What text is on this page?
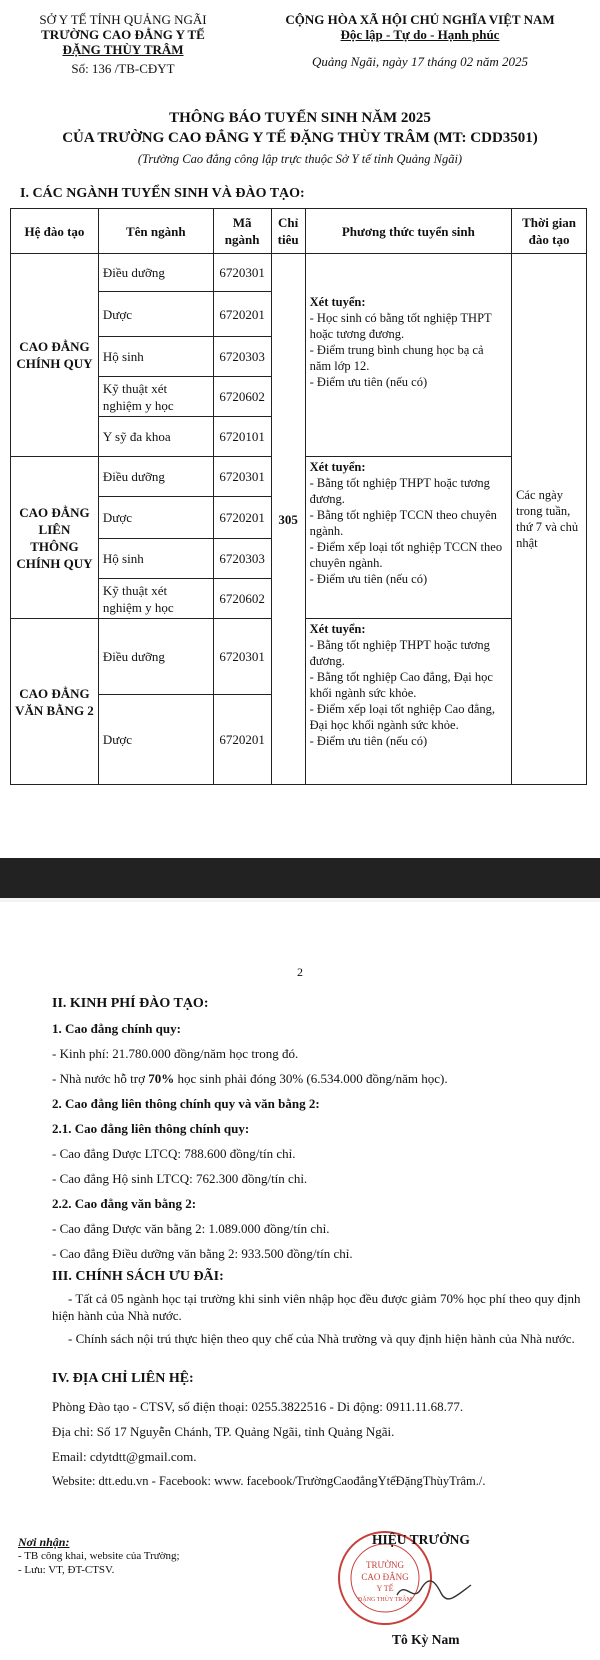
SỞ Y TẾ TỈNH QUẢNG NGÃI
TRƯỜNG CAO ĐẲNG Y TẾ
ĐẶNG THÙY TRÂM
Số: 136 /TB-CĐYT
CỘNG HÒA XÃ HỘI CHỦ NGHĨA VIỆT NAM
Độc lập - Tự do - Hạnh phúc
Quảng Ngãi, ngày 17 tháng 02 năm 2025
THÔNG BÁO TUYỂN SINH NĂM 2025
CỦA TRƯỜNG CAO ĐẲNG Y TẾ ĐẶNG THÙY TRÂM (MT: CDD3501)
(Trường Cao đẳng công lập trực thuộc Sở Y tế tỉnh Quảng Ngãi)
I. CÁC NGÀNH TUYỂN SINH VÀ ĐÀO TẠO:
Hệ đào tạo	Tên ngành	Mã ngành	Chỉ tiêu	Phương thức tuyển sinh	Thời gian đào tạo
CAO ĐẲNG CHÍNH QUY	Điều dưỡng	6720301	305	Xét tuyển:
- Học sinh có bằng tốt nghiệp THPT hoặc tương đương.
- Điểm trung bình chung học bạ cả năm lớp 12.
- Điểm ưu tiên (nếu có)	Các ngày trong tuần, thứ 7 và chủ nhật
	Dược	6720201			
	Hộ sinh	6720303			
	Kỹ thuật xét nghiệm y học	6720602			
	Y sỹ đa khoa	6720101			
CAO ĐẲNG LIÊN THÔNG CHÍNH QUY	Điều dưỡng	6720301		Xét tuyển:
- Bằng tốt nghiệp THPT hoặc tương đương.
- Bằng tốt nghiệp TCCN theo chuyên ngành.
- Điểm xếp loại tốt nghiệp TCCN theo chuyên ngành.
- Điểm ưu tiên (nếu có)	

	Dược	6720201			
	Hộ sinh	6720303			
	Kỹ thuật xét nghiệm y học	6720602			
CAO ĐẲNG VĂN BẰNG 2	Điều dưỡng	6720301		Xét tuyển:
- Bằng tốt nghiệp THPT hoặc tương đương.
- Bằng tốt nghiệp Cao đẳng, Đại học khối ngành sức khỏe.
- Điểm xếp loại tốt nghiệp Cao đẳng, Đại học khối ngành sức khỏe.
- Điểm ưu tiên (nếu có)	

	Dược	6720201			
2
II. KINH PHÍ ĐÀO TẠO:
1. Cao đẳng chính quy:
- Kinh phí: 21.780.000 đồng/năm học trong đó.
- Nhà nước hỗ trợ 70% học sinh phải đóng 30% (6.534.000 đồng/năm học).
2. Cao đẳng liên thông chính quy và văn bằng 2:
2.1. Cao đẳng liên thông chính quy:
- Cao đẳng Dược LTCQ: 788.600 đồng/tín chỉ.
- Cao đẳng Hộ sinh LTCQ: 762.300 đồng/tín chỉ.
2.2. Cao đẳng văn bằng 2:
- Cao đẳng Dược văn bằng 2: 1.089.000 đồng/tín chỉ.
- Cao đẳng Điều dưỡng văn bằng 2: 933.500 đồng/tín chỉ.
III. CHÍNH SÁCH ƯU ĐÃI:
- Tất cả 05 ngành học tại trường khi sinh viên nhập học đều được giảm 70% học phí theo quy định hiện hành của Nhà nước.
- Chính sách nội trú thực hiện theo quy chế của Nhà trường và quy định hiện hành của Nhà nước.
IV. ĐỊA CHỈ LIÊN HỆ:
Phòng Đào tạo - CTSV, số điện thoại: 0255.3822516 - Di động: 0911.11.68.77.
Địa chỉ: Số 17 Nguyễn Chánh, TP. Quảng Ngãi, tỉnh Quảng Ngãi.
Email: cdytdtt@gmail.com.
Website: dtt.edu.vn - Facebook: www. facebook/TrườngCaođẳngYtếĐặngThùyTrâm./.
Nơi nhận:
- TB công khai, website của Trường;
- Lưu: VT, ĐT-CTSV.	TRƯỜNG
CAO ĐẲNG
Y TẾ
ĐẶNG THÙY TRÂM
HIỆU TRƯỞNG
Tô Kỳ Nam
